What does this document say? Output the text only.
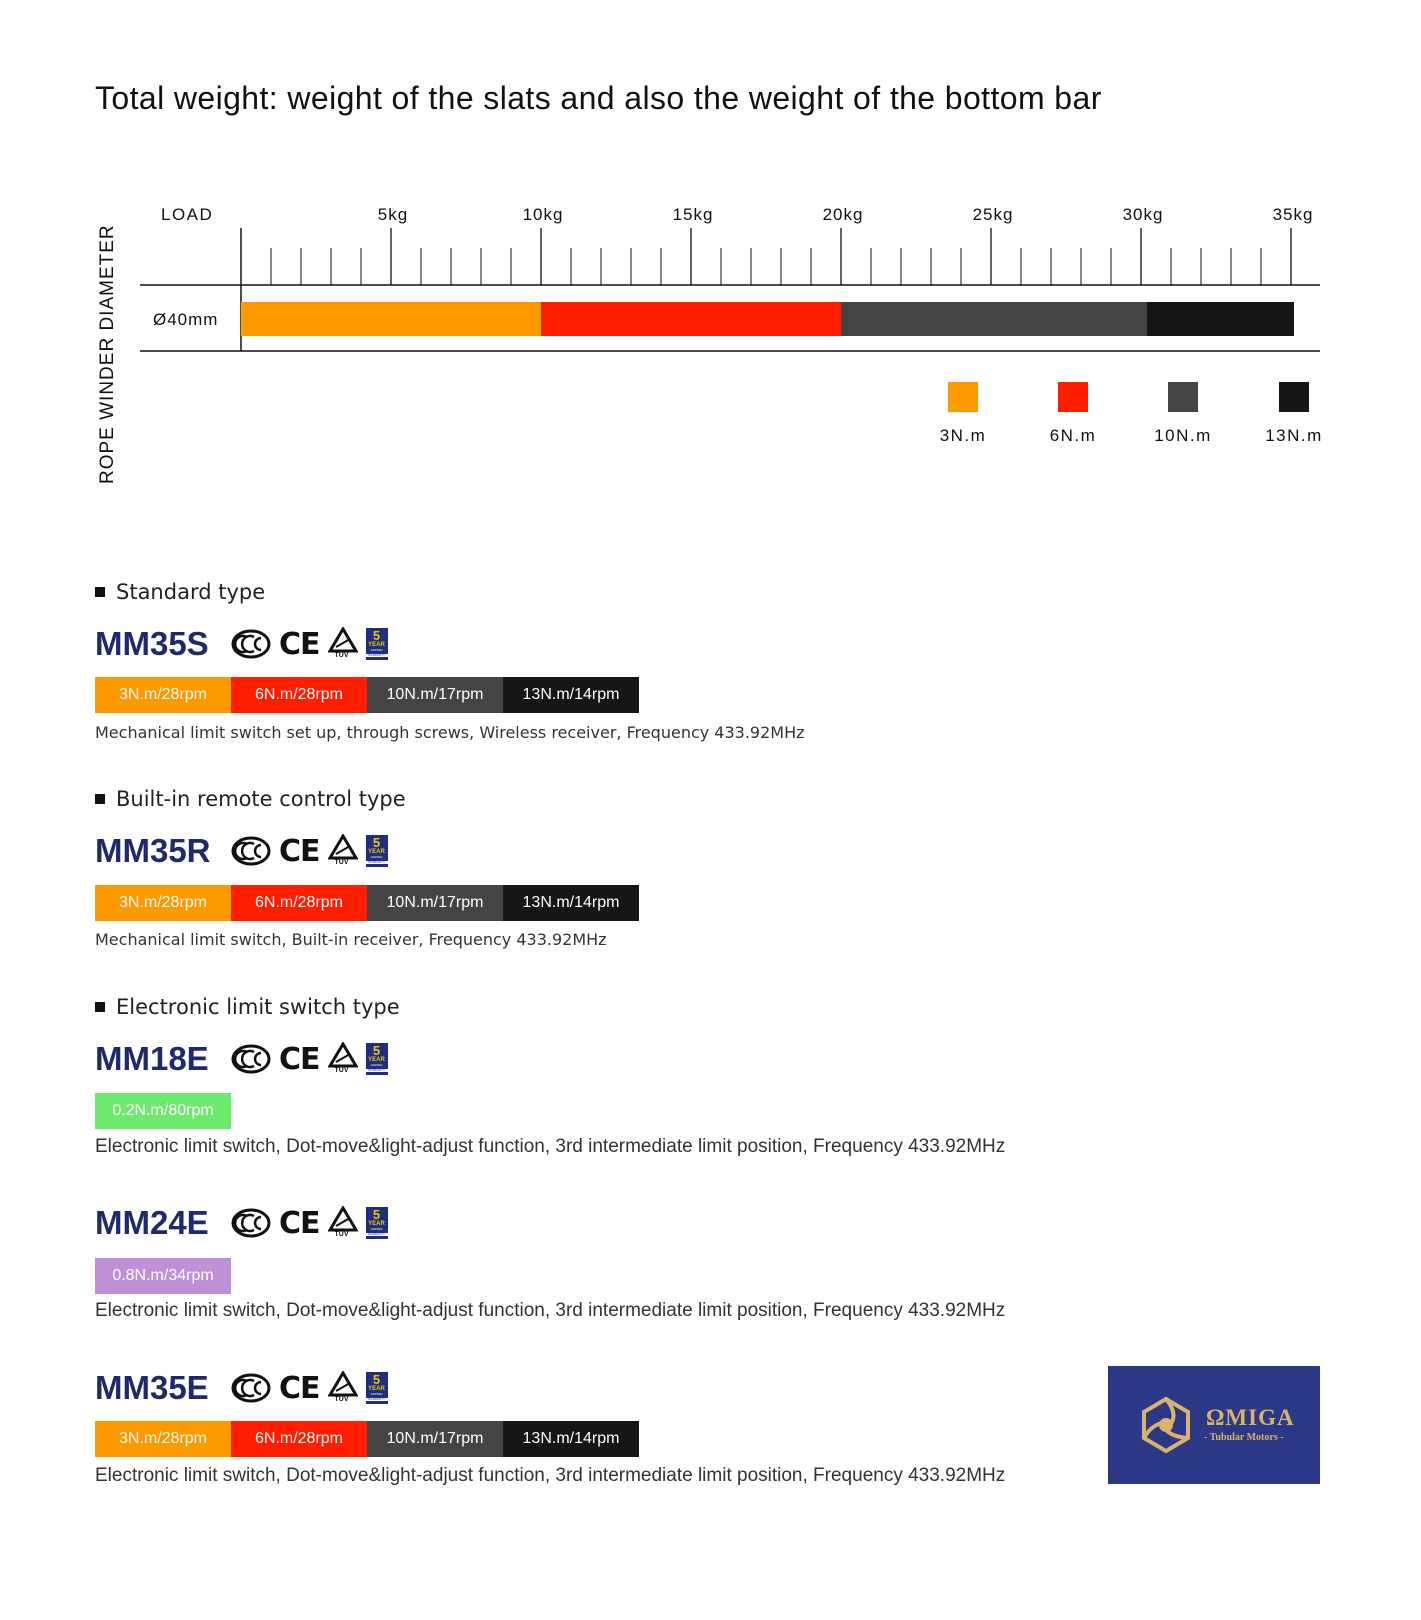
Total weight: weight of the slats and also the weight of the bottom bar
ROPE WINDER DIAMETER
LOAD	5kg	10kg	15kg	20kg	25kg	30kg	35kg
Ø40mm
3N.m	6N.m	10N.m	13N.m
Standard type
MM35S	CE TÜV
5
YEAR
LIMITED
WARRANTY
3N.m/28rpm	6N.m/28rpm	10N.m/17rpm	13N.m/14rpm
Mechanical limit switch set up, through screws, Wireless receiver, Frequency 433.92MHz
Built-in remote control type
MM35R	CE TÜV
5
YEAR
LIMITED
WARRANTY
3N.m/28rpm	6N.m/28rpm	10N.m/17rpm	13N.m/14rpm
Mechanical limit switch, Built-in receiver, Frequency 433.92MHz
Electronic limit switch type
MM18E	CE TÜV
5
YEAR
LIMITED
WARRANTY
0.2N.m/80rpm
Electronic limit switch, Dot-move&light-adjust function, 3rd intermediate limit position, Frequency 433.92MHz
MM24E	CE TÜV
5
YEAR
LIMITED
WARRANTY
0.8N.m/34rpm
Electronic limit switch, Dot-move&light-adjust function, 3rd intermediate limit position, Frequency 433.92MHz
MM35E	CE TÜV
5
YEAR
LIMITED
WARRANTY
3N.m/28rpm	6N.m/28rpm	10N.m/17rpm	13N.m/14rpm
Electronic limit switch, Dot-move&light-adjust function, 3rd intermediate limit position, Frequency 433.92MHz
ΩMIGA
- Tubular Motors -
